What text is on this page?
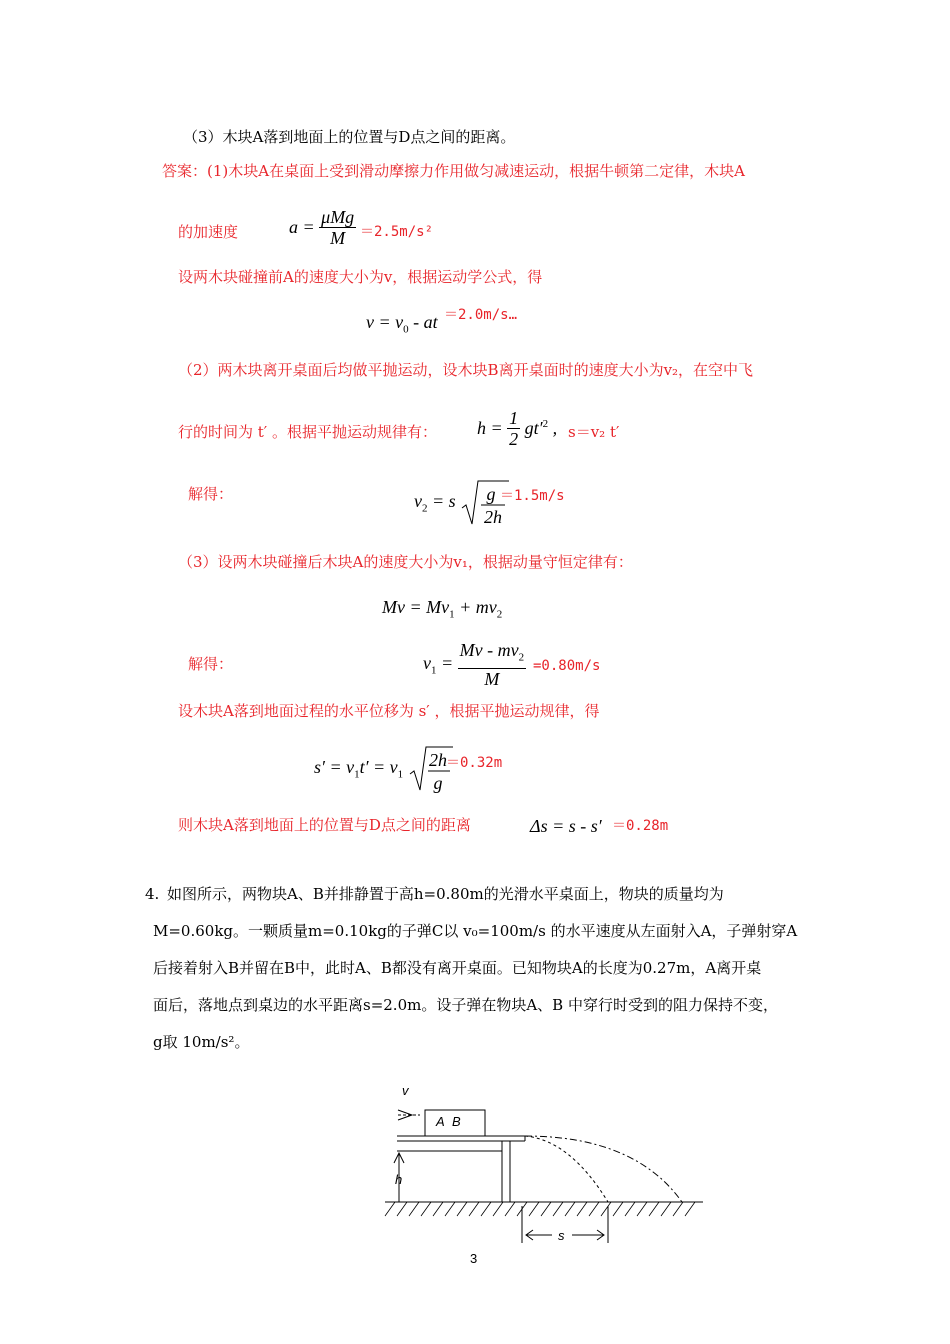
（3）木块A落到地面上的位置与D点之间的距离。
答案：(1)木块A在桌面上受到滑动摩擦力作用做匀减速运动，根据牛顿第二定律，木块A
的加速度	$a = \frac{\text{μMg}}{M} =2.5m/s^2$
设两木块碰撞前A的速度大小为v，根据运动学公式，得
$v = v_0$ - at ＝2.0m/s…
（2）两木块离开桌面后均做平抛运动，设木块B离开桌面时的速度大小为v₂，在空中飞
行的时间为 t′ 。根据平抛运动规律有： $h = \frac{1}{2} gt'^2$ , s＝v₂ t′
解得：	$v_2 = s$ g
2h
＝1.5m/s
（3）设两木块碰撞后木块A的速度大小为v₁，根据动量守恒定律有：
$Mv = Mv_1 + mv_2$
解得：	$v_1 = \frac{Mv - mv_2}{M} =0.80m/s$
设木块A落到地面过程的水平位移为 s′ ，根据平抛运动规律，得
$s' = v_1t' = v_1$
2h
g
＝0.32m
则木块A落到地面上的位置与D点之间的距离	Δs = s - s′ ＝0.28m
4. 如图所示，两物块A、B并排静置于高h=0.80m的光滑水平桌面上，物块的质量均为
M=0.60kg。一颗质量m=0.10kg的子弹C以 v₀=100m/s 的水平速度从左面射入A，子弹射穿A
后接着射入B并留在B中，此时A、B都没有离开桌面。已知物块A的长度为0.27m，A离开桌
面后，落地点到桌边的水平距离s=2.0m。设子弹在物块A、B 中穿行时受到的阻力保持不变，
g取 10m/s²。
v
A B
h
s
3
